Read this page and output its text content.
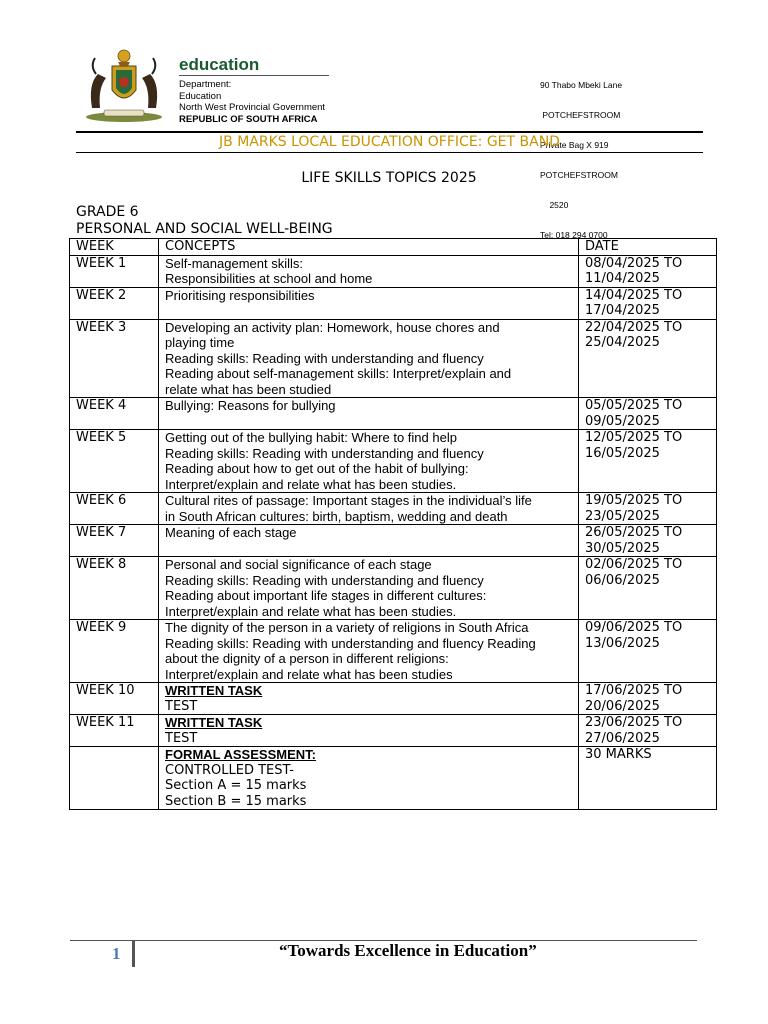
education
Department:
Education
North West Provincial Government
REPUBLIC OF SOUTH AFRICA

90 Thabo Mbeki Lane

POTCHEFSTROOM

Private Bag X 919

POTCHEFSTROOM

2520

Tel: 018 294 0700

JB MARKS LOCAL EDUCATION OFFICE: GET BAND
LIFE SKILLS TOPICS 2025
GRADE 6
PERSONAL AND SOCIAL WELL-BEING
WEEK	CONCEPTS	DATE
WEEK 1	Self-management skills:
Responsibilities at school and home	08/04/2025 TO
11/04/2025

WEEK 2	Prioritising responsibilities	14/04/2025 TO
17/04/2025

WEEK 3	Developing an activity plan: Homework, house chores and
playing time
Reading skills: Reading with understanding and fluency
Reading about self-management skills: Interpret/explain and
relate what has been studied	22/04/2025 TO
25/04/2025

WEEK 4	Bullying: Reasons for bullying	05/05/2025 TO
09/05/2025

WEEK 5	Getting out of the bullying habit: Where to find help
Reading skills: Reading with understanding and fluency
Reading about how to get out of the habit of bullying:
Interpret/explain and relate what has been studies.	12/05/2025 TO
16/05/2025

WEEK 6	Cultural rites of passage: Important stages in the individual’s life
in South African cultures: birth, baptism, wedding and death	19/05/2025 TO
23/05/2025

WEEK 7	Meaning of each stage	26/05/2025 TO
30/05/2025

WEEK 8	Personal and social significance of each stage
Reading skills: Reading with understanding and fluency
Reading about important life stages in different cultures:
Interpret/explain and relate what has been studies.	02/06/2025 TO
06/06/2025

WEEK 9	The dignity of the person in a variety of religions in South Africa
Reading skills: Reading with understanding and fluency Reading
about the dignity of a person in different religions:
Interpret/explain and relate what has been studies	09/06/2025 TO
13/06/2025

WEEK 10	WRITTEN TASK
TEST	17/06/2025 TO
20/06/2025

WEEK 11	WRITTEN TASK
TEST	23/06/2025 TO
27/06/2025

	FORMAL ASSESSMENT:
CONTROLLED TEST-
Section A = 15 marks
Section B = 15 marks	30 MARKS
1	“Towards Excellence in Education”
